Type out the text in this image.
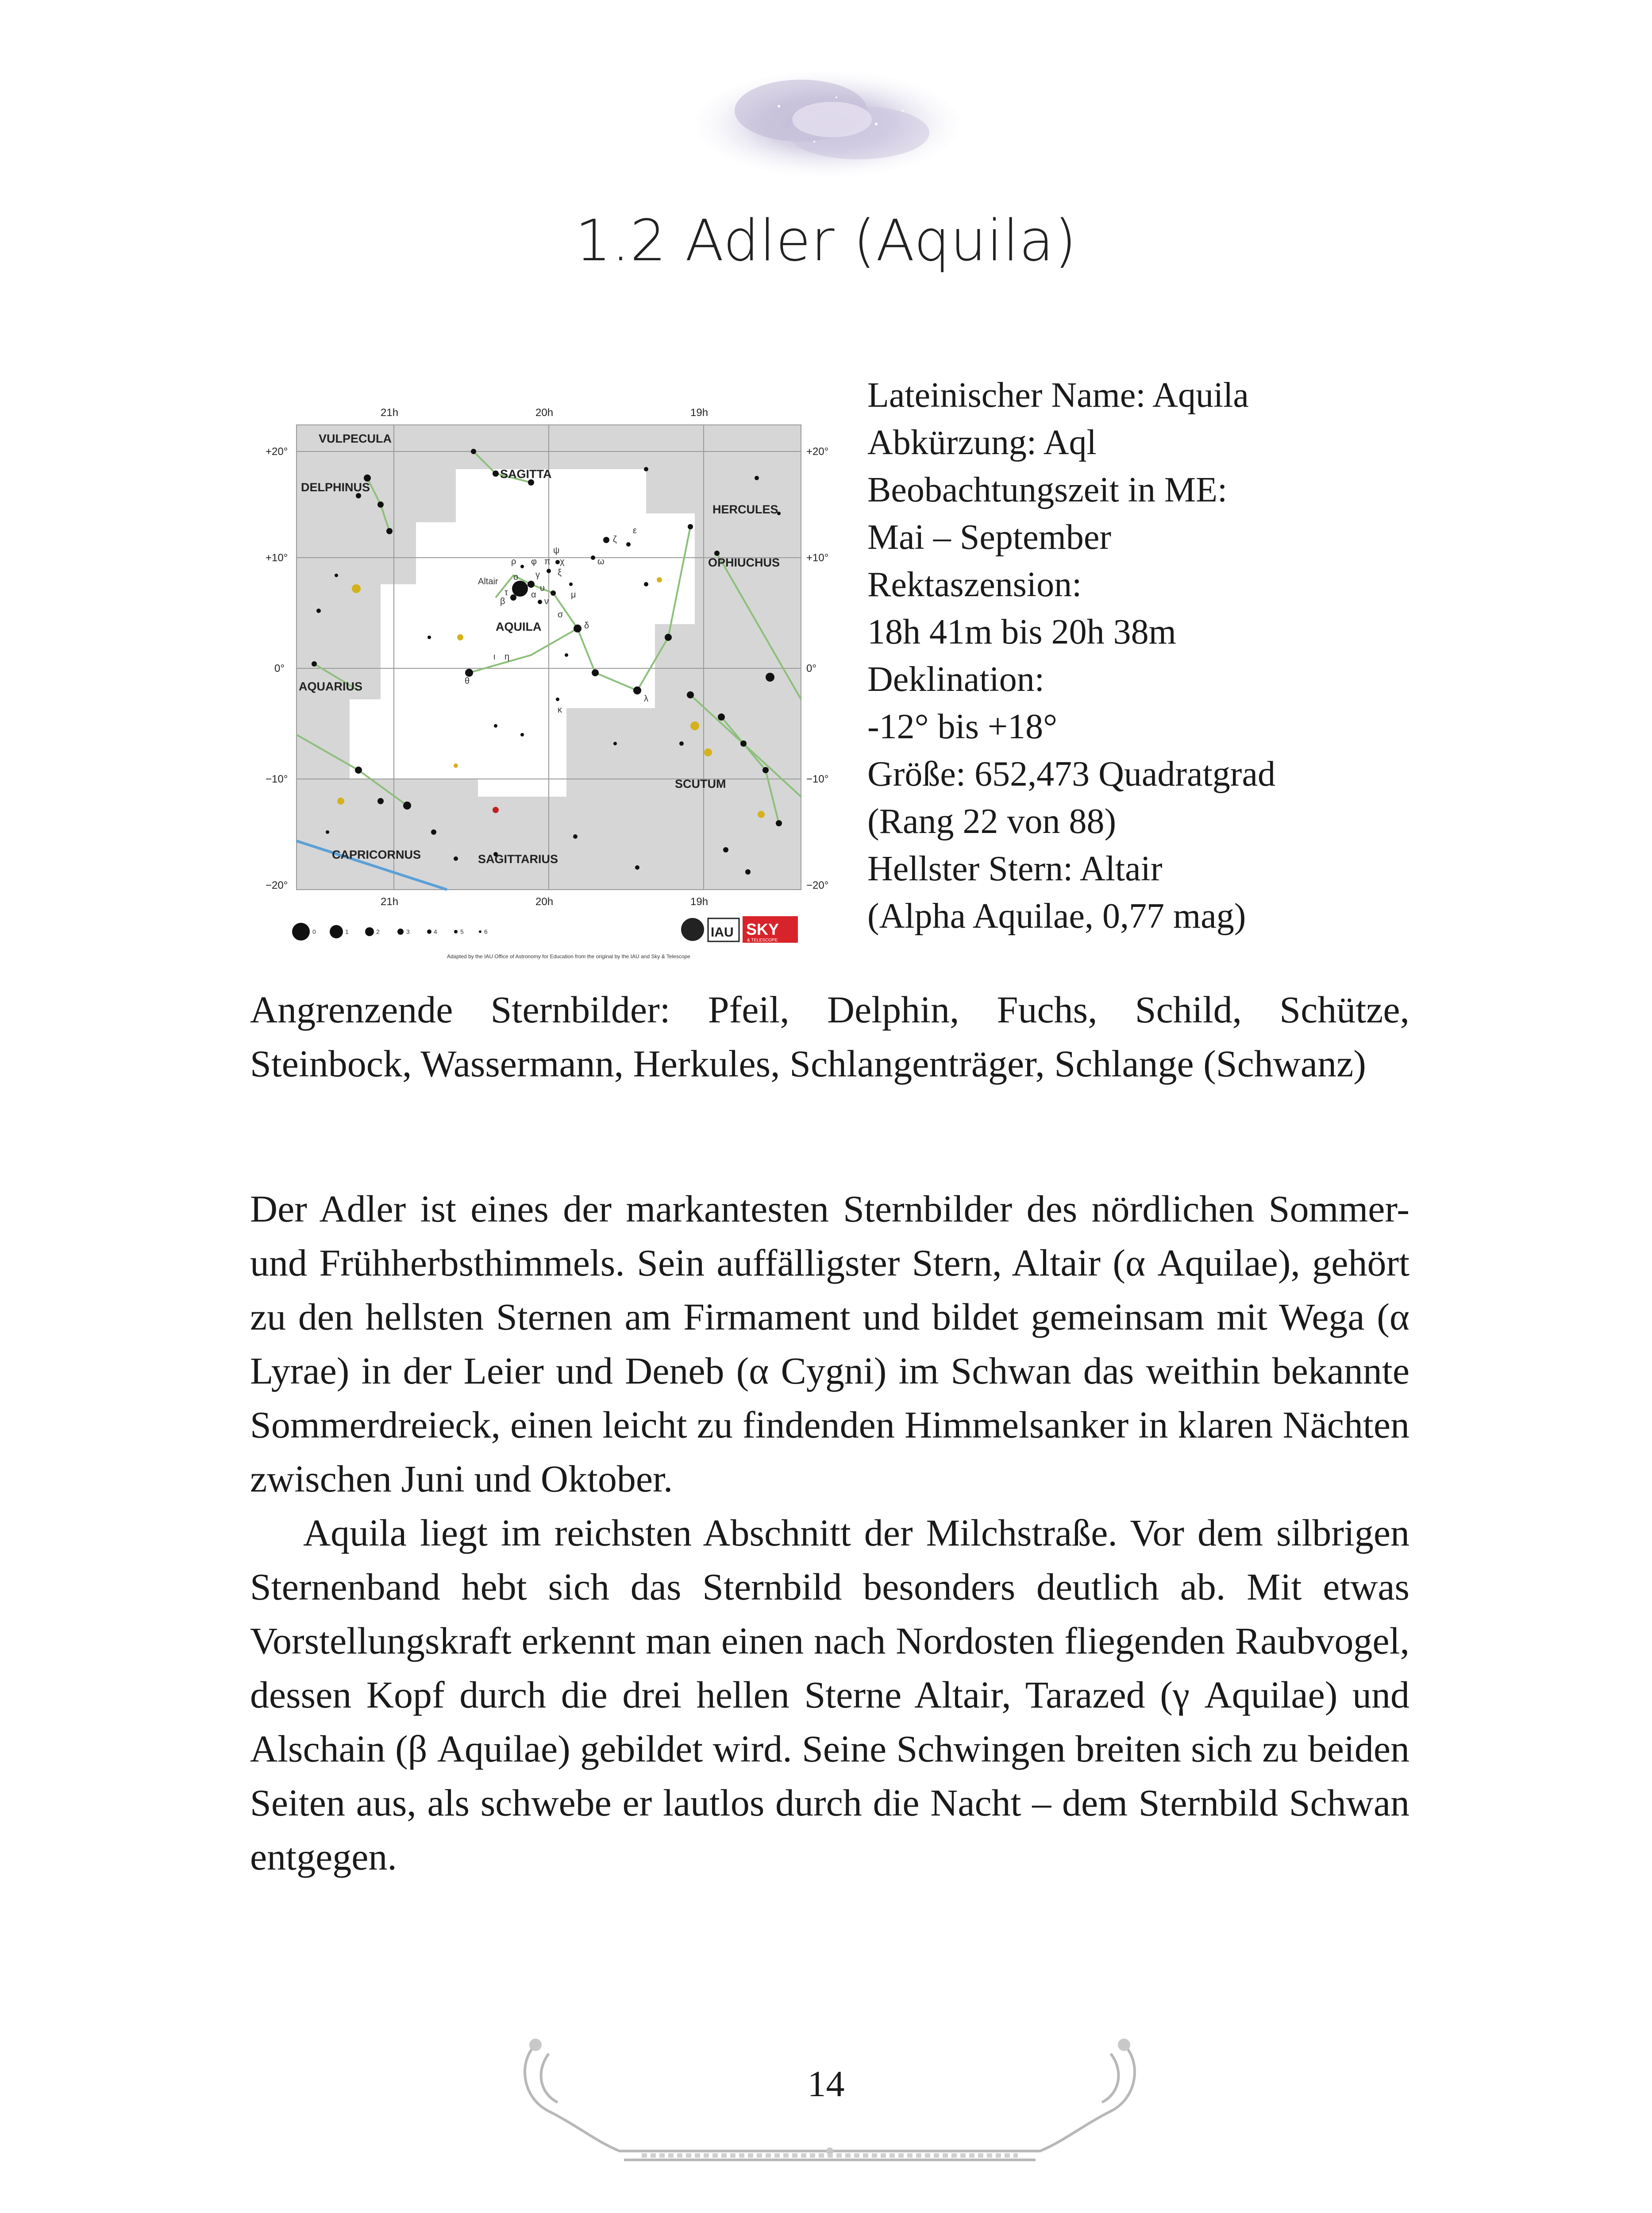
1.2 Adler (Aquila)
VULPECULA
SAGITTA
DELPHINUS
HERCULES
OPHIUCHUS
AQUILA
AQUARIUS
SCUTUM
CAPRICORNUS	SAGITTARIUS
Altair
α
β
γ
δ
ζ
ε
θ
λ
η
ι
κ
μ
ν
σ
φ
ψ
ω
τ
π χ
υ
ρ
ξ
ο
21h	20h	19h
21h	20h	19h
+20°
+10°
0°
−10°
−20°
+20°
+10°
0°
−10°
−20°
0	1	2	3	4	5	6	IAU SKY
& TELESCOPE
Adapted by the IAU Office of Astronomy for Education from the original by the IAU and Sky & Telescope
Lateinischer Name: Aquila
Abkürzung: Aql
Beobachtungszeit in ME:
Mai – September
Rektaszension:
18h 41m bis 20h 38m
Deklination:
-12° bis +18°
Größe: 652,473 Quadratgrad
(Rang 22 von 88)
Hellster Stern: Altair
(Alpha Aquilae, 0,77 mag)
Angrenzende Sternbilder: Pfeil, Delphin, Fuchs, Schild, Schütze, Steinbock, Wassermann, Herkules, Schlangenträger, Schlange (Schwanz)

Der Adler ist eines der markantesten Sternbilder des nördlichen Sommer- und Frühherbsthimmels. Sein auffälligster Stern, Altair (α Aquilae), gehört zu den hellsten Sternen am Firmament und bildet gemeinsam mit Wega (α Lyrae) in der Leier und Deneb (α Cygni) im Schwan das weithin bekannte Sommerdreieck, einen leicht zu findenden Himmelsanker in klaren Nächten zwischen Juni und Oktober.

Aquila liegt im reichsten Abschnitt der Milchstraße. Vor dem silbrigen Sternenband hebt sich das Sternbild besonders deutlich ab. Mit etwas Vorstellungskraft erkennt man einen nach Nordosten fliegenden Raubvogel, dessen Kopf durch die drei hellen Sterne Altair, Tarazed (γ Aquilae) und Alschain (β Aquilae) gebildet wird. Seine Schwingen breiten sich zu beiden Seiten aus, als schwebe er lautlos durch die Nacht – dem Sternbild Schwan entgegen.

14
